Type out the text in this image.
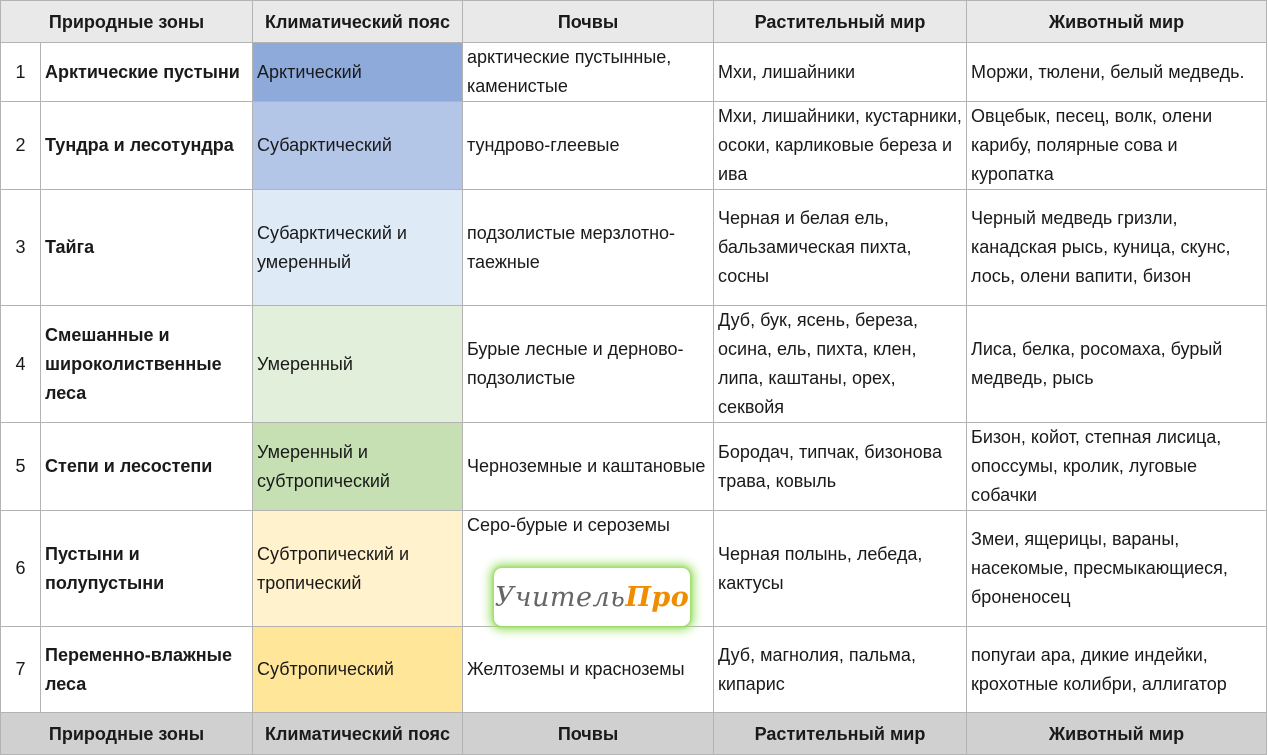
Природные зоны		Климатический пояс	Почвы	Растительный мир	Животный мир
1	Арктические пустыни	Арктический	арктические пустынные, каменистые	Мхи, лишайники	Моржи, тюлени, белый медведь.
2	Тундра и лесотундра	Субарктический	тундрово-глеевые	Мхи, лишайники, кустарники, осоки, карликовые береза и ива	Овцебык, песец, волк, олени карибу, полярные сова и куропатка
3	Тайга	Субарктический и умеренный	подзолистые мерзлотно-таежные	Черная и белая ель, бальзамическая пихта, сосны	Черный медведь гризли, канадская рысь, куница, скунс, лось, олени вапити, бизон
4	Смешанные и широколиственные леса	Умеренный	Бурые лесные и дерново-подзолистые	Дуб, бук, ясень, береза, осина, ель, пихта, клен, липа, каштаны, орех, секвойя	Лиса, белка, росомаха, бурый медведь, рысь
5	Степи и лесостепи	Умеренный и субтропический	Черноземные и каштановые	Бородач, типчак, бизонова трава, ковыль	Бизон, койот, степная лисица, опоссумы, кролик, луговые собачки
6	Пустыни и полупустыни	Субтропический и тропический	Серо-бурые и сероземы	Черная полынь, лебеда, кактусы	Змеи, ящерицы, вараны, насекомые, пресмыкающиеся, броненосец
7	Переменно-влажные леса	Субтропический	Желтоземы и красноземы	Дуб, магнолия, пальма, кипарис	попугаи ара, дикие индейки, крохотные колибри, аллигатор
Природные зоны		Климатический пояс	Почвы	Растительный мир	Животный мир
Учитель Про
